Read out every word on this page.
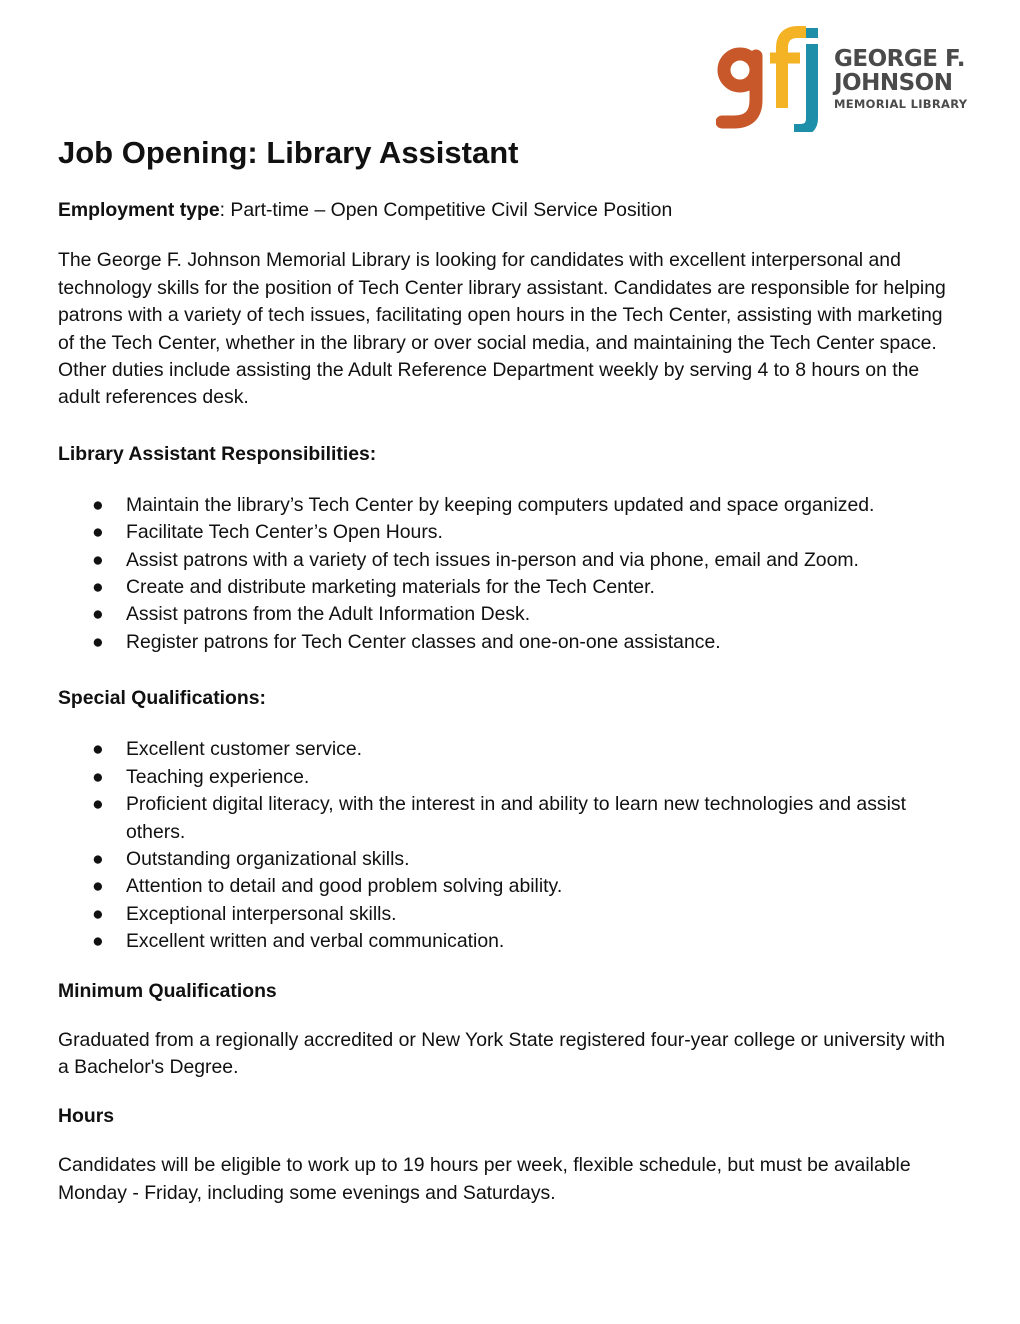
GEORGE F.
JOHNSON
MEMORIAL LIBRARY
Job Opening: Library Assistant

Employment type: Part-time – Open Competitive Civil Service Position

The George F. Johnson Memorial Library is looking for candidates with excellent interpersonal and technology skills for the position of Tech Center library assistant. Candidates are responsible for helping patrons with a variety of tech issues, facilitating open hours in the Tech Center, assisting with marketing of the Tech Center, whether in the library or over social media, and maintaining the Tech Center space. Other duties include assisting the Adult Reference Department weekly by serving 4 to 8 hours on the adult references desk.

Library Assistant Responsibilities:
● Maintain the library’s Tech Center by keeping computers updated and space organized.
● Facilitate Tech Center’s Open Hours.
● Assist patrons with a variety of tech issues in-person and via phone, email and Zoom.
● Create and distribute marketing materials for the Tech Center.
● Assist patrons from the Adult Information Desk.
● Register patrons for Tech Center classes and one-on-one assistance.
Special Qualifications:
● Excellent customer service.
● Teaching experience.
● Proficient digital literacy, with the interest in and ability to learn new technologies and assist others.
● Outstanding organizational skills.
● Attention to detail and good problem solving ability.
● Exceptional interpersonal skills.
● Excellent written and verbal communication.
Minimum Qualifications

Graduated from a regionally accredited or New York State registered four-year college or university with a Bachelor's Degree.

Hours

Candidates will be eligible to work up to 19 hours per week, flexible schedule, but must be available Monday - Friday, including some evenings and Saturdays.
